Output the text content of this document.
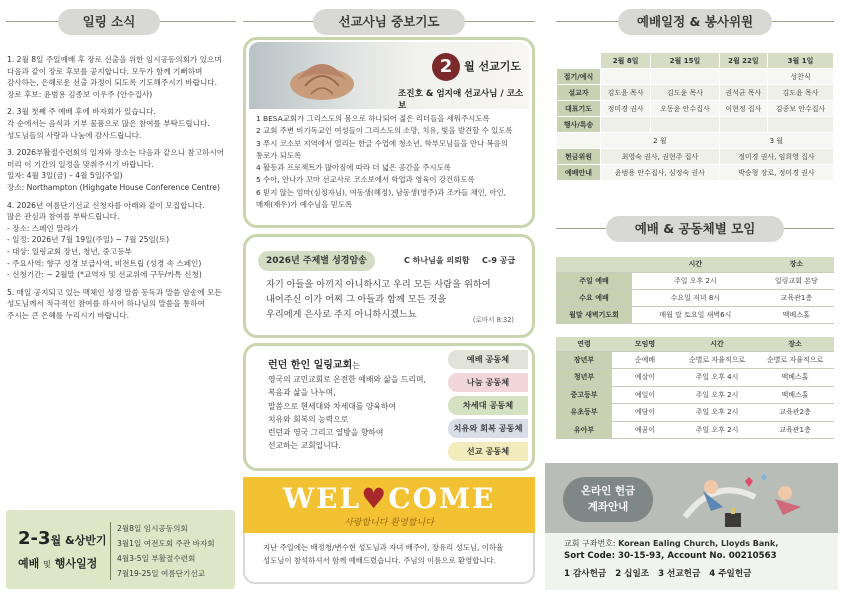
일링 소식
1. 2월 8일 주일예배 후 장로 선출을 위한 임시공동의회가 있으며
다음과 같이 장로 후보를 공지합니다. 모두가 함께 기뻐하며
감사하는, 은혜로운 선출 과정이 되도록 기도해주시기 바랍니다.
장로 후보: 윤범용 김종보 이우주 (안수집사)
2. 3월 첫째 주 예배 후에 바자회가 있습니다.
각 순에서는 음식과 기부 물품으로 많은 참여를 부탁드립니다.
성도님들의 사랑과 나눔에 감사드립니다.
3. 2026부활절수련회의 일자와 장소는 다음과 같으니 참고하시어
미리 이 기간의 일정을 맞춰주시기 바랍니다.
일자: 4월 3일(금) – 4월 5일(주일)
장소: Northampton (Highgate House Conference Centre)
4. 2026년 여름단기선교 신청자를 아래와 같이 모집합니다.
많은 관심과 참여를 부탁드립니다.
- 장소: 스페인 말라가
- 일정: 2026년 7월 19일(주일) ~ 7월 25일(토)
- 대상: 일링교회 장년, 청년, 중고등부
- 주요사역: 향구 성경 보급사역, 비전트립 (성경 속 스페인)
- 신청기간: ~ 2월말 (*교역자 및 선교위에 구두/카톡 신청)
5. 매일 공지되고 있는 맥체인 성경 말씀 동독과 말씀 암송에 모든
성도님께서 적극적인 참여를 하시어 하나님의 말씀을 통하여
주시는 큰 은혜를 누리시기 바랍니다.
2-3월 &상반기
예배 및 행사일정
2월8일 임시공동의회
3월1일 여전도회 주관 바자회
4월3-5일 부활절수련회
7월19-25일 여름단기선교
선교사님 중보기도
2	월 선교기도
조진호 & 엄지애 선교사님 / 코소보
1 BESA교회가 그리스도의 몸으로 하나되어 젊은 리더들을 세워주시도록
2 교회 주변 비기독교인 여성들이 그리스도의 소망, 치유, 빛을 발견할 수 있도록
3 푸시 코소보 지역에서 열리는 한글 수업에 청소년, 학부모님들을 만나 복음의
통로가 되도록
4 활동과 프로젝트가 많아짐에 따라 더 넓은 공간을 주시도록
5 수아, 안나가 꼬마 선교사로 코소보에서 학업과 영육이 강건하도록
6 믿지 않는 엄마(심정자님), 여동생(혜정), 남동생(영주)과 조카들 채인, 아인,
매제(재우)가 예수님을 믿도록
2026년 주제별 성경암송	C 하나님을 의뢰함 C-9 공급
자기 아들을 아끼지 아니하시고 우리 모든 사람을 위하여
내어주신 이가 어찌 그 아들과 함께 모든 것을
우리에게 은사로 주지 아니하시겠느뇨	(로마서 8:32)
런던 한인 일링교회는
영국의 교민교회로 온전한 예배와 삶을 드리며,
복음과 삶을 나누며,
말씀으로 현세대와 차세대를 양육하여
치유와 회복의 능력으로
런던과 영국 그리고 열방을 향하여
선교하는 교회입니다.
예배 공동체
나눔 공동체
차세대 공동체
치유와 회복 공동체
선교 공동체
WEL♥COME
사랑합니다 환영합니다
지난 주일에는 배정청/변수현 성도님과 자녀 배주아, 장유리 성도님, 이하율
성도님이 참석하셔서 함께 예배드렸습니다. 주님의 이름으로 환영합니다.
예배일정 & 봉사위원
	2월 8일	2월 15일	2월 22일	3월 1일
절기/예식				성찬식
설교자	김도윤 목사	김도윤 목사	권석균 목사	김도윤 목사
대표기도	정미경 권사	오동윤 안수집사	이현정 집사	김종보 안수집사
행사/특송				
	2 월		3 월	
현금위원	최영숙 권사, 권현주 집사		정미경 권사, 임희영 집사	
예배안내	윤범용 안수집사, 심정숙 권사		박승형 장로, 정미경 권사	
예배 & 공동체별 모임
	시간	장소
주일 예배	주일 오후 2시	일링교회 본당
수요 예배	수요일 저녁 8시	교육관1층
월말 새벽기도회	매월 말 토요일 새벽6시	맥베스홀
연령	모임명	시간	장소
장년부	순예배	순별로 자율적으로	순별로 자율적으로
청년부	예살이	주일 오후 4시	맥베스홀
중고등부	예일이	주일 오후 2시	맥베스홀
유초등부	예담이	주일 오후 2시	교육관2층
유아부	예꿈이	주일 오후 2시	교육관1층
온라인 헌금
계좌안내
교회 구좌번호: Korean Ealing Church, Lloyds Bank,
Sort Code: 30-15-93, Account No. 00210563
1 감사헌금 2 십일조 3 선교헌금 4 주일헌금
